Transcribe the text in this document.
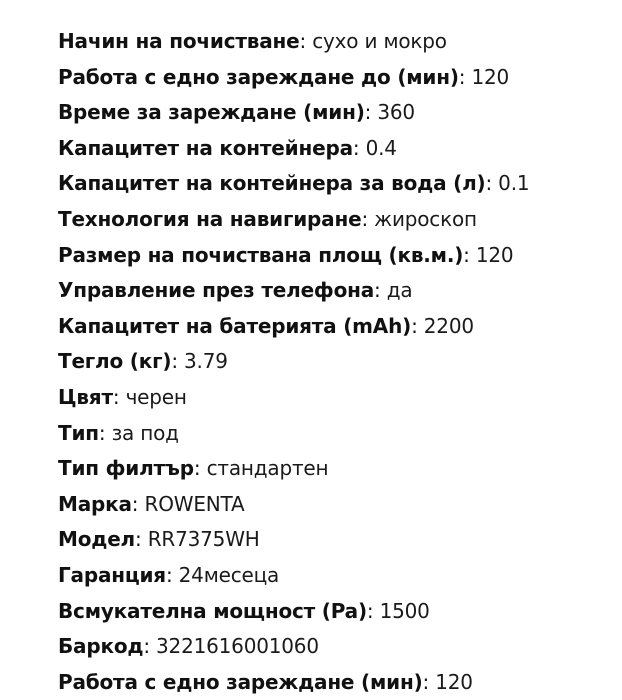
Начин на почистване: сухо и мокро
Работа с едно зареждане до (мин): 120
Време за зареждане (мин): 360
Капацитет на контейнера: 0.4
Капацитет на контейнера за вода (л): 0.1
Технология на навигиране: жироскоп
Размер на почиствана площ (кв.м.): 120
Управление през телефона: да
Капацитет на батерията (mAh): 2200
Тегло (кг): 3.79
Цвят: черен
Тип: за под
Тип филтър: стандартен
Марка: ROWENTA
Модел: RR7375WH
Гаранция: 24месеца
Всмукателна мощност (Pa): 1500
Баркод: 3221616001060
Работа с едно зареждане (мин): 120
